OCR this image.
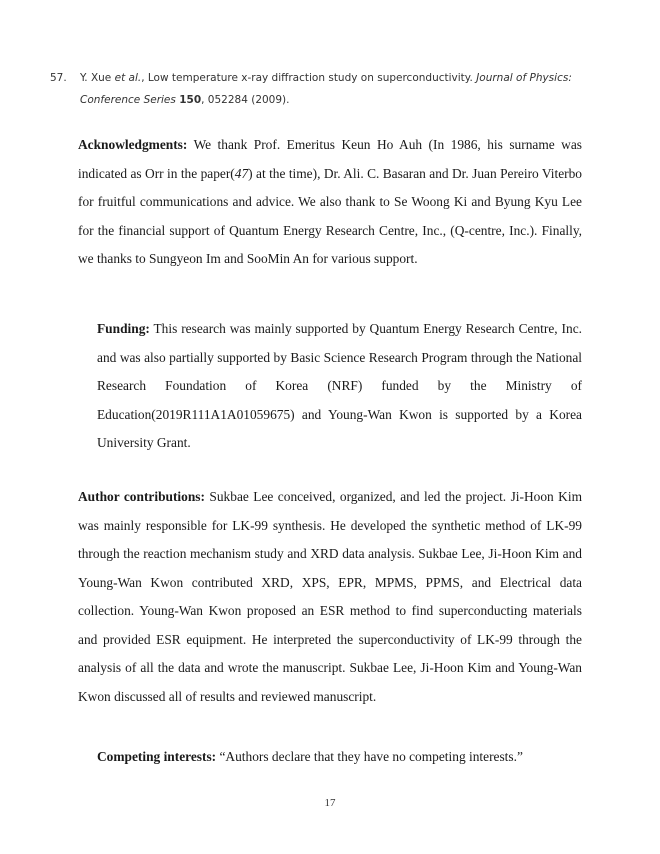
57. Y. Xue et al., Low temperature x-ray diffraction study on superconductivity. Journal of Physics:
Conference Series 150, 052284 (2009).

Acknowledgments: We thank Prof. Emeritus Keun Ho Auh (In 1986, his surname was indicated as Orr in the paper(47) at the time), Dr. Ali. C. Basaran and Dr. Juan Pereiro Viterbo for fruitful communications and advice. We also thank to Se Woong Ki and Byung Kyu Lee for the financial support of Quantum Energy Research Centre, Inc., (Q-centre, Inc.). Finally, we thanks to Sungyeon Im and SooMin An for various support.

Funding: This research was mainly supported by Quantum Energy Research Centre, Inc. and was also partially supported by Basic Science Research Program through the National Research Foundation of Korea (NRF) funded by the Ministry of Education(2019R111A1A01059675) and Young-Wan Kwon is supported by a Korea University Grant.

Author contributions: Sukbae Lee conceived, organized, and led the project. Ji-Hoon Kim was mainly responsible for LK-99 synthesis. He developed the synthetic method of LK-99 through the reaction mechanism study and XRD data analysis. Sukbae Lee, Ji-Hoon Kim and Young-Wan Kwon contributed XRD, XPS, EPR, MPMS, PPMS, and Electrical data collection. Young-Wan Kwon proposed an ESR method to find superconducting materials and provided ESR equipment. He interpreted the superconductivity of LK-99 through the analysis of all the data and wrote the manuscript. Sukbae Lee, Ji-Hoon Kim and Young-Wan Kwon discussed all of results and reviewed manuscript.

Competing interests: “Authors declare that they have no competing interests.”

17
